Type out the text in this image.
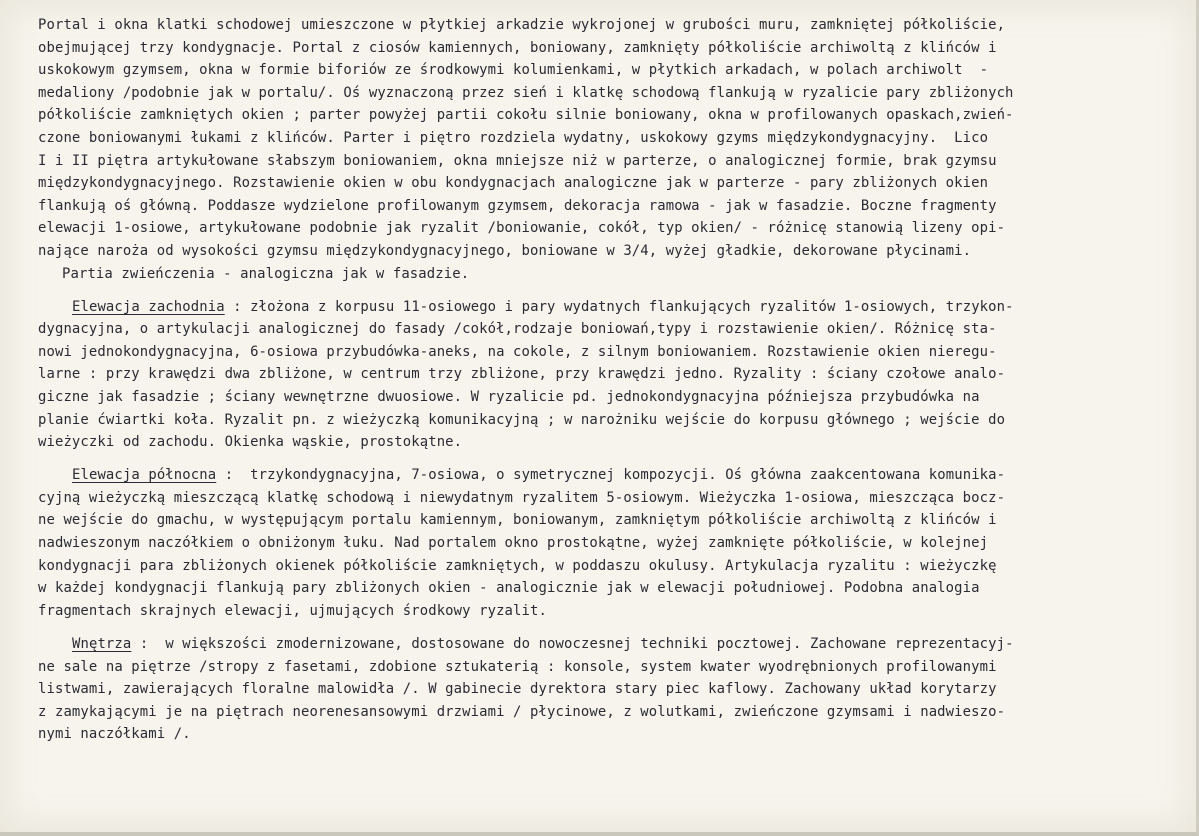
Portal i okna klatki schodowej umieszczone w płytkiej arkadzie wykrojonej w grubości muru, zamkniętej półkoliście,
obejmującej trzy kondygnacje. Portal z ciosów kamiennych, boniowany, zamknięty półkoliście archiwoltą z klińców i
uskokowym gzymsem, okna w formie biforiów ze środkowymi kolumienkami, w płytkich arkadach, w polach archiwolt  -
medaliony /podobnie jak w portalu/. Oś wyznaczoną przez sień i klatkę schodową flankują w ryzalicie pary zbliżonych
półkoliście zamkniętych okien ; parter powyżej partii cokołu silnie boniowany, okna w profilowanych opaskach,zwień-
czone boniowanymi łukami z klińców. Parter i piętro rozdziela wydatny, uskokowy gzyms międzykondygnacyjny.  Lico
I i II piętra artykułowane słabszym boniowaniem, okna mniejsze niż w parterze, o analogicznej formie, brak gzymsu
międzykondygnacyjnego. Rozstawienie okien w obu kondygnacjach analogiczne jak w parterze - pary zbliżonych okien
flankują oś główną. Poddasze wydzielone profilowanym gzymsem, dekoracja ramowa - jak w fasadzie. Boczne fragmenty
elewacji 1-osiowe, artykułowane podobnie jak ryzalit /boniowanie, cokół, typ okien/ - różnicę stanowią lizeny opi-
nające naroża od wysokości gzymsu międzykondygnacyjnego, boniowane w 3/4, wyżej gładkie, dekorowane płycinami.
Partia zwieńczenia - analogiczna jak w fasadzie.
Elewacja zachodnia : złożona z korpusu 11-osiowego i pary wydatnych flankujących ryzalitów 1-osiowych, trzykon-
dygnacyjna, o artykulacji analogicznej do fasady /cokół,rodzaje boniowań,typy i rozstawienie okien/. Różnicę sta-
nowi jednokondygnacyjna, 6-osiowa przybudówka-aneks, na cokole, z silnym boniowaniem. Rozstawienie okien nieregu-
larne : przy krawędzi dwa zbliżone, w centrum trzy zbliżone, przy krawędzi jedno. Ryzality : ściany czołowe analo-
giczne jak fasadzie ; ściany wewnętrzne dwuosiowe. W ryzalicie pd. jednokondygnacyjna późniejsza przybudówka na
planie ćwiartki koła. Ryzalit pn. z wieżyczką komunikacyjną ; w narożniku wejście do korpusu głównego ; wejście do
wieżyczki od zachodu. Okienka wąskie, prostokątne.
Elewacja północna :  trzykondygnacyjna, 7-osiowa, o symetrycznej kompozycji. Oś główna zaakcentowana komunika-
cyjną wieżyczką mieszczącą klatkę schodową i niewydatnym ryzalitem 5-osiowym. Wieżyczka 1-osiowa, mieszcząca bocz-
ne wejście do gmachu, w występującym portalu kamiennym, boniowanym, zamkniętym półkoliście archiwoltą z klińców i
nadwieszonym naczółkiem o obniżonym łuku. Nad portalem okno prostokątne, wyżej zamknięte półkoliście, w kolejnej
kondygnacji para zbliżonych okienek półkoliście zamkniętych, w poddaszu okulusy. Artykulacja ryzalitu : wieżyczkę
w każdej kondygnacji flankują pary zbliżonych okien - analogicznie jak w elewacji południowej. Podobna analogia
fragmentach skrajnych elewacji, ujmujących środkowy ryzalit.
Wnętrza :  w większości zmodernizowane, dostosowane do nowoczesnej techniki pocztowej. Zachowane reprezentacyj-
ne sale na piętrze /stropy z fasetami, zdobione sztukaterią : konsole, system kwater wyodrębnionych profilowanymi
listwami, zawierających floralne malowidła /. W gabinecie dyrektora stary piec kaflowy. Zachowany układ korytarzy
z zamykającymi je na piętrach neorenesansowymi drzwiami / płycinowe, z wolutkami, zwieńczone gzymsami i nadwieszo-
nymi naczółkami /.
